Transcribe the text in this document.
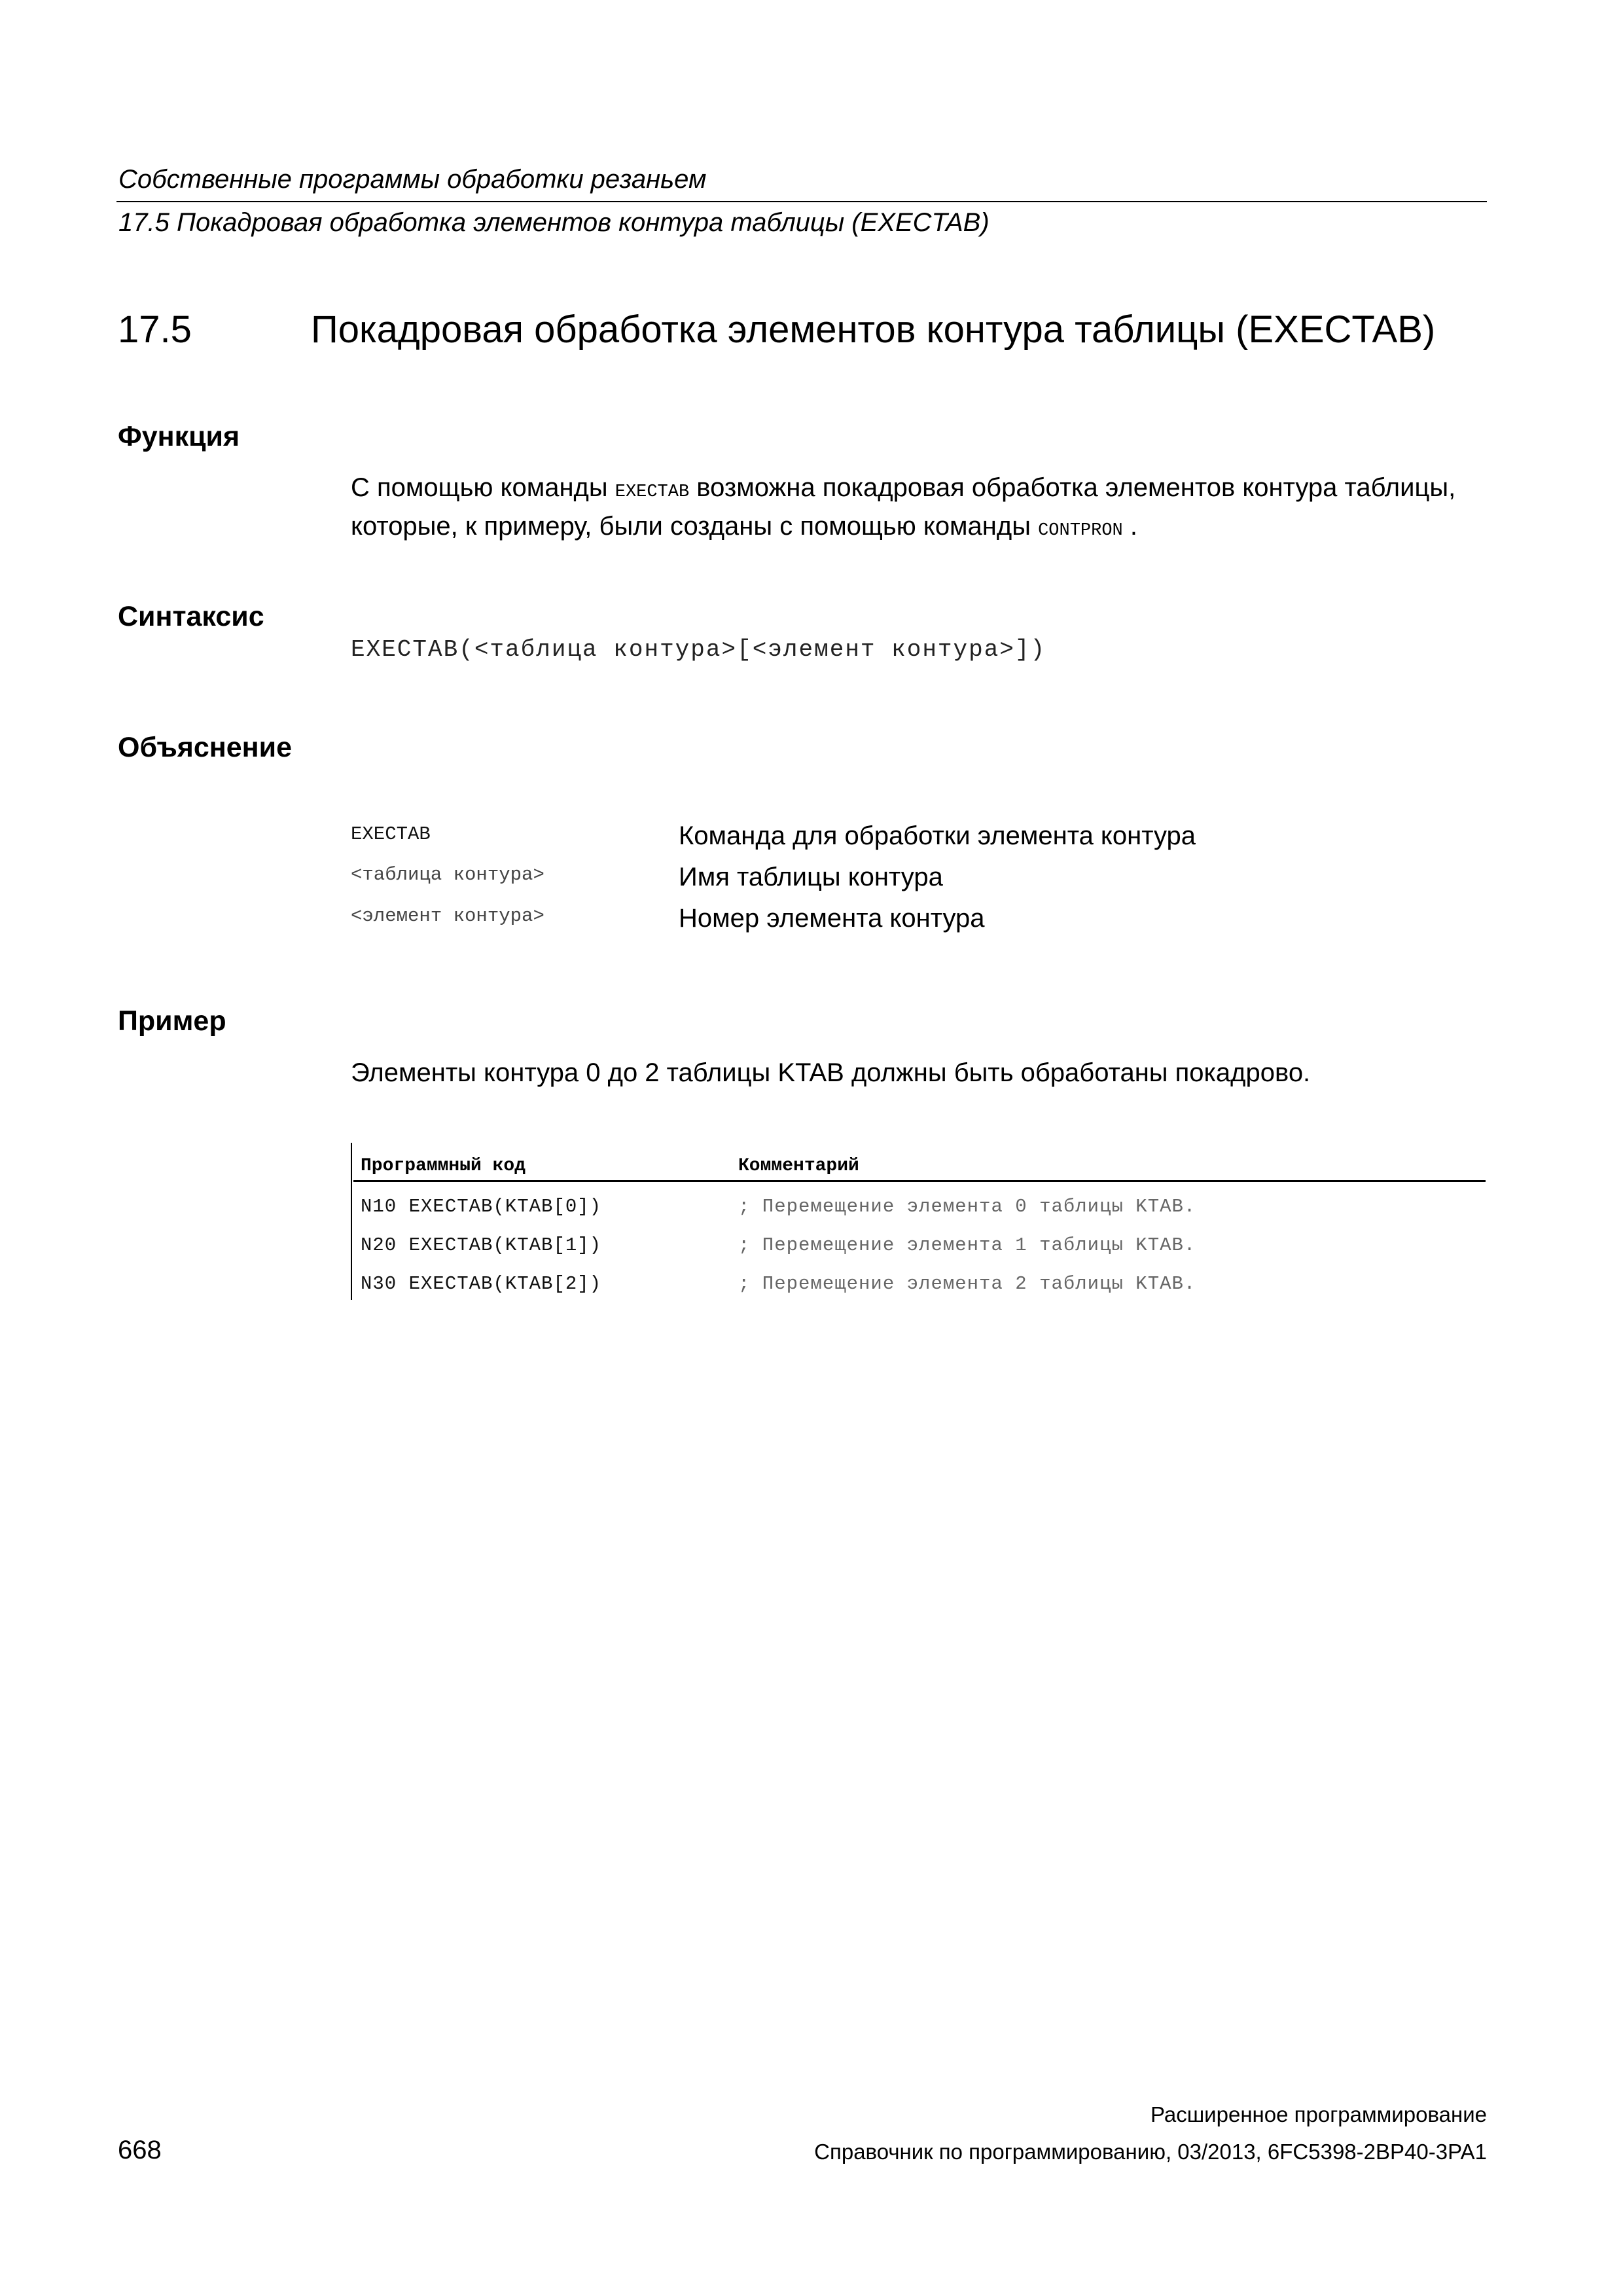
Собственные программы обработки резаньем
17.5 Покадровая обработка элементов контура таблицы (EXECTAB)
17.5	Покадровая обработка элементов контура таблицы (EXECTAB)
Функция
С помощью команды EXECTAB возможна покадровая обработка элементов контура таблицы, которые, к примеру, были созданы с помощью команды CONTPRON .
Синтаксис
EXECTAB(<таблица контура>[<элемент контура>])
Объяснение
EXECTAB	Команда для обработки элемента контура
<таблица контура>	Имя таблицы контура
<элемент контура>	Номер элемента контура
Пример
Элементы контура 0 до 2 таблицы KTAB должны быть обработаны покадрово.
Программный код	Комментарий
N10 EXECTAB(KTAB[0])	; Перемещение элемента 0 таблицы KTAB.
N20 EXECTAB(KTAB[1])	; Перемещение элемента 1 таблицы KTAB.
N30 EXECTAB(KTAB[2])	; Перемещение элемента 2 таблицы KTAB.
Расширенное программирование
668	Справочник по программированию, 03/2013, 6FC5398-2BP40-3PA1
